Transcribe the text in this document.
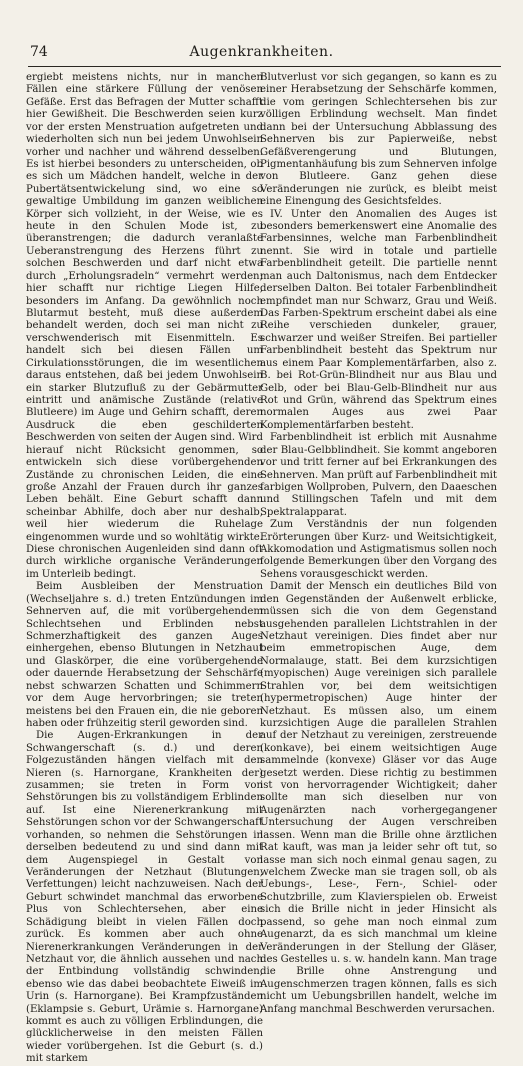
74	Augenkrankheiten.

ergiebt meistens nichts, nur in manchen Fällen eine stärkere Füllung der venösen Gefäße. Erst das Befragen der Mutter schafft hier Gewißheit. Die Beschwerden seien kurz vor der ersten Menstruation aufgetreten und wiederholten sich nun bei jedem Unwohlsein vorher und nachher und während desselben. Es ist hierbei besonders zu unterscheiden, ob es sich um Mädchen handelt, welche in der Pubertätsentwickelung sind, wo eine so gewaltige Umbildung im ganzen weiblichen Körper sich vollzieht, in der Weise, wie es heute in den Schulen Mode ist, zu überanstrengen; die dadurch veranlaßte Ueberanstrengung des Herzens führt zu solchen Beschwerden und darf nicht etwa durch „Erholungsradeln“ vermehrt werden; hier schafft nur richtige Liegen Hilfe, besonders im Anfang. Da gewöhnlich noch Blutarmut besteht, muß diese außerdem behandelt werden, doch sei man nicht zu verschwenderisch mit Eisenmitteln. Es handelt sich bei diesen Fällen um Cirkulationsstörungen, die im wesentlichen daraus entstehen, daß bei jedem Unwohlsein ein starker Blutzufluß zu der Gebärmutter eintritt und anämische Zustände (relative Blutleere) im Auge und Gehirn schafft, deren Ausdruck die eben geschilderten Beschwerden von seiten der Augen sind. Wird hierauf nicht Rücksicht genommen, so entwickeln sich diese vorübergehenden Zustände zu chronischen Leiden, die eine große Anzahl der Frauen durch ihr ganzes Leben behält. Eine Geburt schafft dann scheinbar Abhilfe, doch aber nur deshalb, weil hier wiederum die Ruhelage eingenommen wurde und so wohltätig wirkte. Diese chronischen Augenleiden sind dann oft durch wirkliche organische Veränderungen im Unterleib bedingt.

Beim Ausbleiben der Menstruation (Wechseljahre s. d.) treten Entzündungen im Sehnerven auf, die mit vorübergehendem Schlechtsehen und Erblinden nebst Schmerzhaftigkeit des ganzen Auges einhergehen, ebenso Blutungen in Netzhaut und Glaskörper, die eine vorübergehende oder dauernde Herabsetzung der Sehschärfe nebst schwarzen Schatten und Schimmern vor dem Auge hervorbringen; sie treten meistens bei den Frauen ein, die nie geboren haben oder frühzeitig steril geworden sind.

Die Augen-Erkrankungen in der Schwangerschaft (s. d.) und deren Folgezuständen hängen vielfach mit den Nieren (s. Harnorgane, Krankheiten der) zusammen; sie treten in Form von Sehstörungen bis zu vollständigem Erblinden auf. Ist eine Nierenerkrankung mit Sehstörungen schon vor der Schwangerschaft vorhanden, so nehmen die Sehstörungen in derselben bedeutend zu und sind dann mit dem Augenspiegel in Gestalt von Veränderungen der Netzhaut (Blutungen, Verfettungen) leicht nachzuweisen. Nach der Geburt schwindet manchmal das erworbene Plus von Schlechtersehen, aber eine Schädigung bleibt in vielen Fällen doch zurück. Es kommen aber auch ohne Nierenerkrankungen Veränderungen in der Netzhaut vor, die ähnlich aussehen und nach der Entbindung vollständig schwinden, ebenso wie das dabei beobachtete Eiweiß im Urin (s. Harnorgane). Bei Krampfzuständen (Eklampsie s. Geburt, Urämie s. Harnorgane) kommt es auch zu völligen Erblindungen, die glücklicherweise in den meisten Fällen wieder vorübergehen. Ist die Geburt (s. d.) mit starkem

Blutverlust vor sich gegangen, so kann es zu einer Herabsetzung der Sehschärfe kommen, die vom geringen Schlechtersehen bis zur völligen Erblindung wechselt. Man findet dann bei der Untersuchung Abblassung des Sehnerven bis zur Papierweiße, nebst Gefäßverengerung und Blutungen, Pigmentanhäufung bis zum Sehnerven infolge von Blutleere. Ganz gehen diese Veränderungen nie zurück, es bleibt meist eine Einengung des Gesichtsfeldes.

IV. Unter den Anomalien des Auges ist besonders bemerkenswert eine Anomalie des Farbensinnes, welche man Farbenblindheit nennt. Sie wird in totale und partielle Farbenblindheit geteilt. Die partielle nennt man auch Daltonismus, nach dem Entdecker derselben Dalton. Bei totaler Farbenblindheit empfindet man nur Schwarz, Grau und Weiß. Das Farben-Spektrum erscheint dabei als eine Reihe verschieden dunkeler, grauer, schwarzer und weißer Streifen. Bei partieller Farbenblindheit besteht das Spektrum nur aus einem Paar Komplementärfarben, also z. B. bei Rot-Grün-Blindheit nur aus Blau und Gelb, oder bei Blau-Gelb-Blindheit nur aus Rot und Grün, während das Spektrum eines normalen Auges aus zwei Paar Komplementärfarben besteht.

Farbenblindheit ist erblich mit Ausnahme der Blau-Gelbblindheit. Sie kommt angeboren vor und tritt ferner auf bei Erkrankungen des Sehnerven. Man prüft auf Farbenblindheit mit farbigen Wollproben, Pulvern, den Daaeschen und Stillingschen Tafeln und mit dem Spektralapparat.

Zum Verständnis der nun folgenden Erörterungen über Kurz- und Weitsichtigkeit, Akkomodation und Astigmatismus sollen noch folgende Bemerkungen über den Vorgang des Sehens vorausgeschickt werden.

Damit der Mensch ein deutliches Bild von den Gegenständen der Außenwelt erblicke, müssen sich die von dem Gegenstand ausgehenden parallelen Lichtstrahlen in der Netzhaut vereinigen. Dies findet aber nur beim emmetropischen Auge, dem Normalauge, statt. Bei dem kurzsichtigen (myopischen) Auge vereinigen sich parallele Strahlen vor, bei dem weitsichtigen (hypermetropischen) Auge hinter der Netzhaut. Es müssen also, um einem kurzsichtigen Auge die parallelen Strahlen auf der Netzhaut zu vereinigen, zerstreuende (konkave), bei einem weitsichtigen Auge sammelnde (konvexe) Gläser vor das Auge gesetzt werden. Diese richtig zu bestimmen ist von hervorragender Wichtigkeit; daher sollte man sich dieselben nur von Augenärzten nach vorhergegangener Untersuchung der Augen verschreiben lassen. Wenn man die Brille ohne ärztlichen Rat kauft, was man ja leider sehr oft tut, so lasse man sich noch einmal genau sagen, zu welchem Zwecke man sie tragen soll, ob als Uebungs-, Lese-, Fern-, Schiel- oder Schutzbrille, zum Klavierspielen ob. Erweist sich die Brille nicht in jeder Hinsicht als passend, so gehe man noch einmal zum Augenarzt, da es sich manchmal um kleine Veränderungen in der Stellung der Gläser, des Gestelles u. s. w. handeln kann. Man trage die Brille ohne Anstrengung und Augenschmerzen tragen können, falls es sich nicht um Uebungsbrillen handelt, welche im Anfang manchmal Beschwerden verursachen.
